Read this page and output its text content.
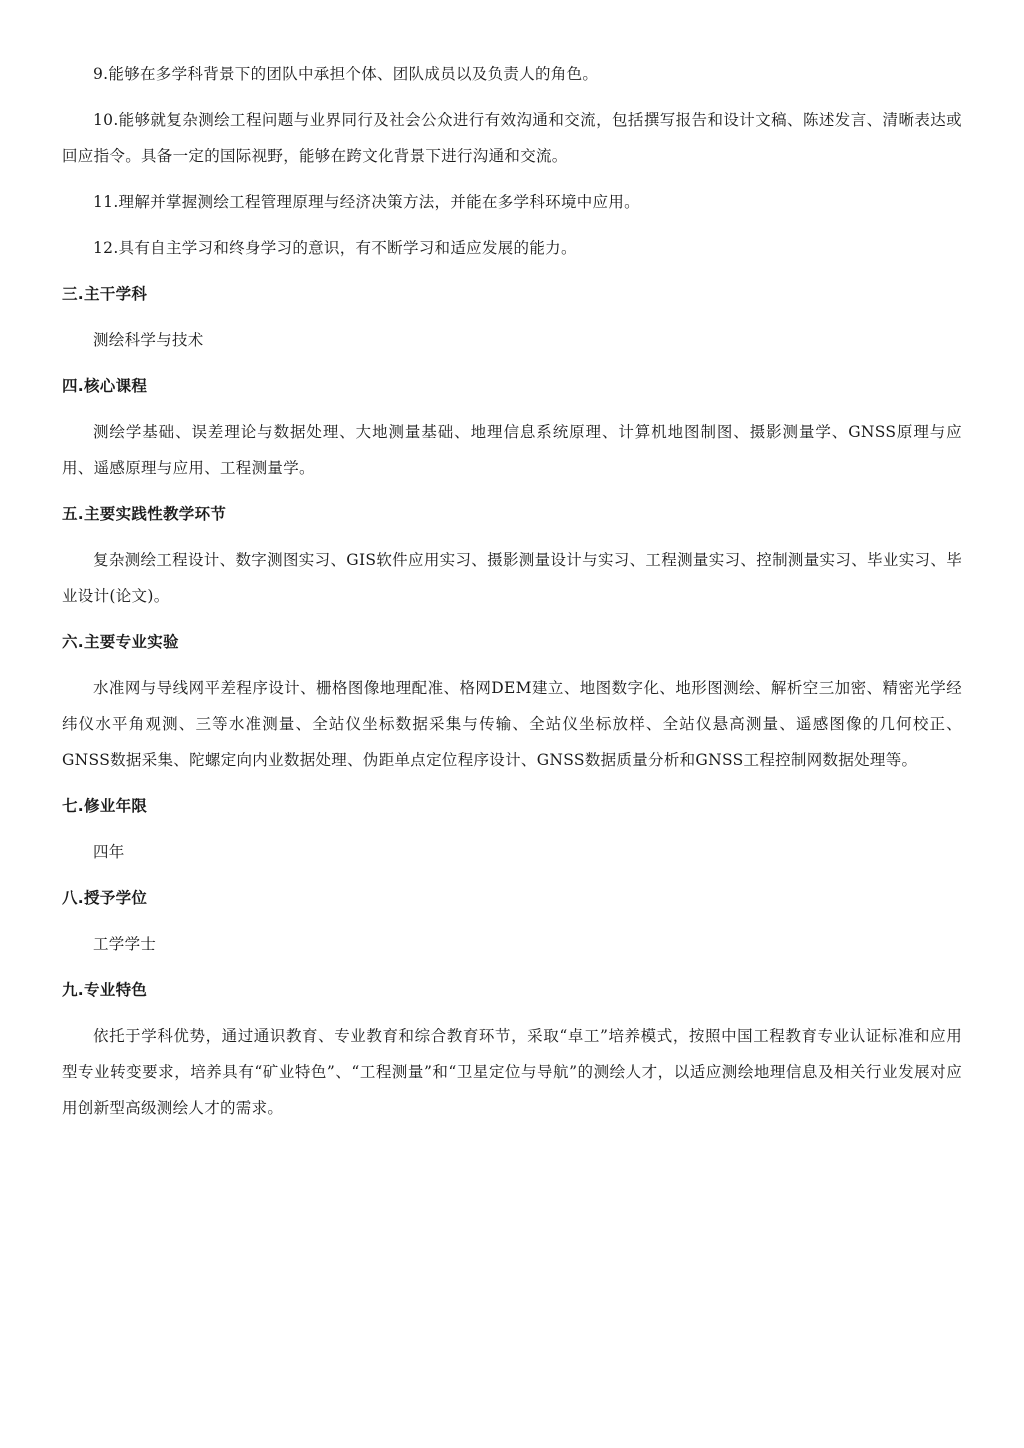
9.能够在多学科背景下的团队中承担个体、团队成员以及负责人的角色。

10.能够就复杂测绘工程问题与业界同行及社会公众进行有效沟通和交流，包括撰写报告和设计文稿、陈述发言、清晰表达或回应指令。具备一定的国际视野，能够在跨文化背景下进行沟通和交流。

11.理解并掌握测绘工程管理原理与经济决策方法，并能在多学科环境中应用。

12.具有自主学习和终身学习的意识，有不断学习和适应发展的能力。

三.主干学科

测绘科学与技术

四.核心课程

测绘学基础、误差理论与数据处理、大地测量基础、地理信息系统原理、计算机地图制图、摄影测量学、GNSS原理与应用、遥感原理与应用、工程测量学。

五.主要实践性教学环节

复杂测绘工程设计、数字测图实习、GIS软件应用实习、摄影测量设计与实习、工程测量实习、控制测量实习、毕业实习、毕业设计(论文)。

六.主要专业实验

水准网与导线网平差程序设计、栅格图像地理配准、格网DEM建立、地图数字化、地形图测绘、解析空三加密、精密光学经纬仪水平角观测、三等水准测量、全站仪坐标数据采集与传输、全站仪坐标放样、全站仪悬高测量、遥感图像的几何校正、GNSS数据采集、陀螺定向内业数据处理、伪距单点定位程序设计、GNSS数据质量分析和GNSS工程控制网数据处理等。

七.修业年限

四年

八.授予学位

工学学士

九.专业特色

依托于学科优势，通过通识教育、专业教育和综合教育环节，采取“卓工”培养模式，按照中国工程教育专业认证标准和应用型专业转变要求，培养具有“矿业特色”、“工程测量”和“卫星定位与导航”的测绘人才，以适应测绘地理信息及相关行业发展对应用创新型高级测绘人才的需求。
